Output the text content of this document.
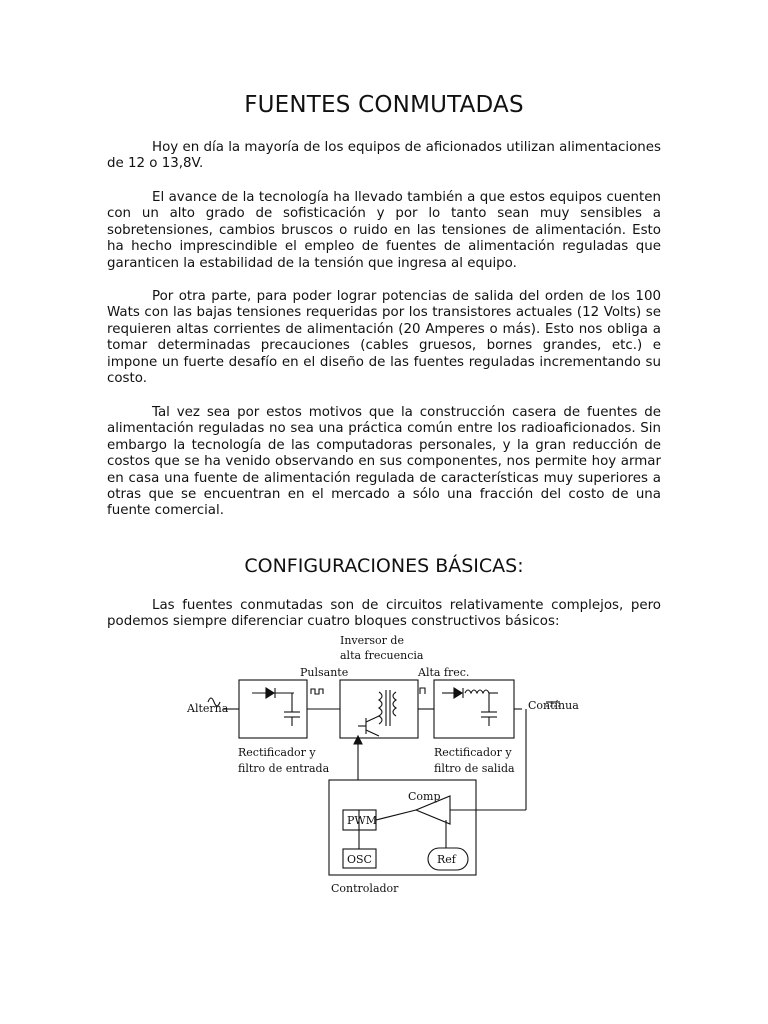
FUENTES CONMUTADAS

Hoy en día la mayoría de los equipos de aficionados utilizan alimentaciones de 12 o 13,8V.

El avance de la tecnología ha llevado también a que estos equipos cuenten con un alto grado de sofisticación y por lo tanto sean muy sensibles a sobretensiones, cambios bruscos o ruido en las tensiones de alimentación. Esto ha hecho imprescindible el empleo de fuentes de alimentación reguladas que garanticen la estabilidad de la tensión que ingresa al equipo.

Por otra parte, para poder lograr potencias de salida del orden de los 100 Wats con las bajas tensiones requeridas por los transistores actuales (12 Volts) se requieren altas corrientes de alimentación (20 Amperes o más). Esto nos obliga a tomar determinadas precauciones (cables gruesos, bornes grandes, etc.) e impone un fuerte desafío en el diseño de las fuentes reguladas incrementando su costo.

Tal vez sea por estos motivos que la construcción casera de fuentes de alimentación reguladas no sea una práctica común entre los radioaficionados. Sin embargo la tecnología de las computadoras personales, y la gran reducción de costos que se ha venido observando en sus componentes, nos permite hoy armar en casa una fuente de alimentación regulada de características muy superiores a otras que se encuentran en el mercado a sólo una fracción del costo de una fuente comercial.

CONFIGURACIONES BÁSICAS:

Las fuentes conmutadas son de circuitos relativamente complejos, pero podemos siempre diferenciar cuatro bloques constructivos básicos:

Inversor de
alta frecuencia
Pulsante	Alta frec.
Alterna	Contínua
Rectificador y
filtro de entrada
Rectificador y
filtro de salida
Comp
PWM
OSC	Ref
Controlador
